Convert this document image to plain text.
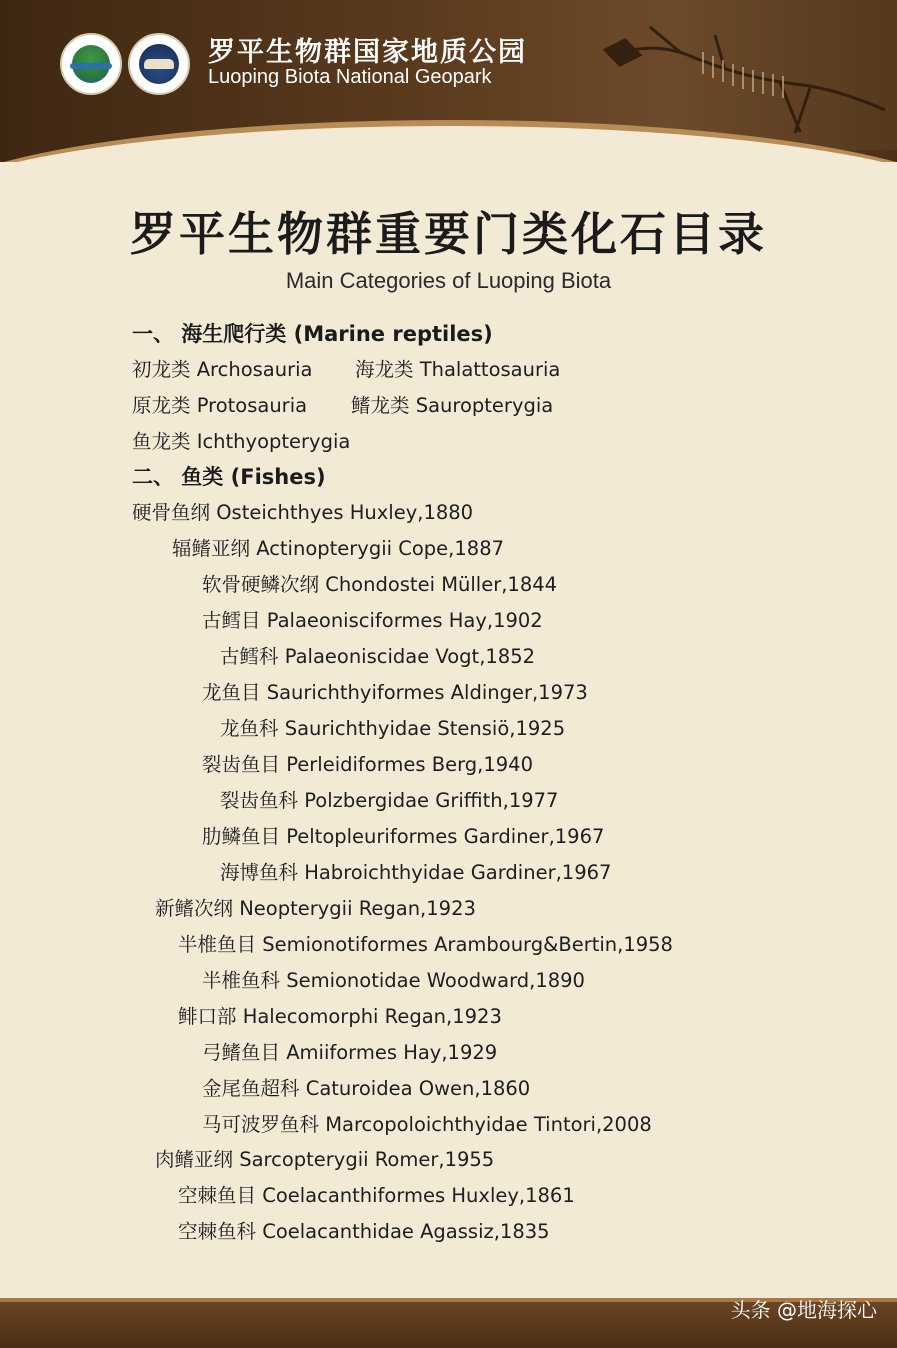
罗平生物群国家地质公园
Luoping Biota National Geopark
罗平生物群重要门类化石目录
Main Categories of Luoping Biota
一、 海生爬行类 (Marine reptiles)
初龙类 Archosauria 海龙类 Thalattosauria
原龙类 Protosauria 鳍龙类 Sauropterygia
鱼龙类 Ichthyopterygia
二、 鱼类 (Fishes)
硬骨鱼纲 Osteichthyes Huxley,1880
辐鳍亚纲 Actinopterygii Cope,1887
软骨硬鳞次纲 Chondostei Müller,1844
古鳕目 Palaeonisciformes Hay,1902
古鳕科 Palaeoniscidae Vogt,1852
龙鱼目 Saurichthyiformes Aldinger,1973
龙鱼科 Saurichthyidae Stensiö,1925
裂齿鱼目 Perleidiformes Berg,1940
裂齿鱼科 Polzbergidae Griffith,1977
肋鳞鱼目 Peltopleuriformes Gardiner,1967
海博鱼科 Habroichthyidae Gardiner,1967
新鳍次纲 Neopterygii Regan,1923
半椎鱼目 Semionotiformes Arambourg&Bertin,1958
半椎鱼科 Semionotidae Woodward,1890
鲱口部 Halecomorphi Regan,1923
弓鳍鱼目 Amiiformes Hay,1929
金尾鱼超科 Caturoidea Owen,1860
马可波罗鱼科 Marcopoloichthyidae Tintori,2008
肉鳍亚纲 Sarcopterygii Romer,1955
空棘鱼目 Coelacanthiformes Huxley,1861
空棘鱼科 Coelacanthidae Agassiz,1835
头条 @地海探心
